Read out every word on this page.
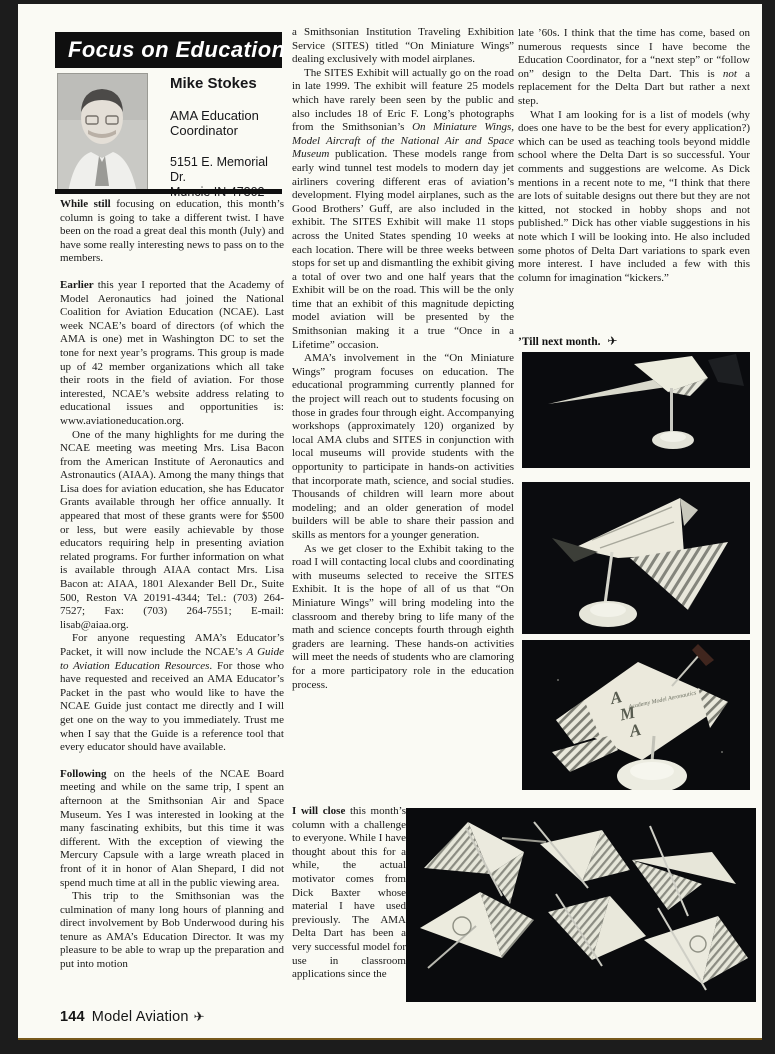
Focus on Education
Mike Stokes
AMA Education Coordinator
5151 E. Memorial Dr.

While still focusing on education, this month’s column is going to take a different twist. I have been on the road a great deal this month (July) and have some really interesting news to pass on to the members.

Earlier this year I reported that the Academy of Model Aeronautics had joined the National Coalition for Aviation Education (NCAE). Last week NCAE’s board of directors (of which the AMA is one) met in Washington DC to set the tone for next year’s programs. This group is made up of 42 member organizations which all take their roots in the field of aviation. For those interested, NCAE’s website address relating to educational issues and opportunities is: www.aviationeducation.org.

One of the many highlights for me during the NCAE meeting was meeting Mrs. Lisa Bacon from the American Institute of Aeronautics and Astronautics (AIAA). Among the many things that Lisa does for aviation education, she has Educator Grants available through her office annually. It appeared that most of these grants were for $500 or less, but were easily achievable by those educators requiring help in presenting aviation related programs. For further information on what is available through AIAA contact Mrs. Lisa Bacon at: AIAA, 1801 Alexander Bell Dr., Suite 500, Reston VA 20191-4344; Tel.: (703) 264-7527; Fax: (703) 264-7551; E-mail: lisab@aiaa.org.

For anyone requesting AMA’s Educator’s Packet, it will now include the NCAE’s A Guide to Aviation Education Resources. For those who have requested and received an AMA Educator’s Packet in the past who would like to have the NCAE Guide just contact me directly and I will get one on the way to you immediately. Trust me when I say that the Guide is a reference tool that every educator should have available.

Following on the heels of the NCAE Board meeting and while on the same trip, I spent an afternoon at the Smithsonian Air and Space Museum. Yes I was interested in looking at the many fascinating exhibits, but this time it was different. With the exception of viewing the Mercury Capsule with a large wreath placed in front of it in honor of Alan Shepard, I did not spend much time at all in the public viewing area.

This trip to the Smithsonian was the culmination of many long hours of planning and direct involvement by Bob Underwood during his tenure as AMA’s Education Director. It was my pleasure to be able to wrap up the preparation and put into motion

a Smithsonian Institution Traveling Exhibition Service (SITES) titled “On Miniature Wings” dealing exclusively with model airplanes.

The SITES Exhibit will actually go on the road in late 1999. The exhibit will feature 25 models which have rarely been seen by the public and also includes 18 of Eric F. Long’s photographs from the Smithsonian’s On Miniature Wings, Model Aircraft of the National Air and Space Museum publication. These models range from early wind tunnel test models to modern day jet airliners covering different eras of aviation’s development. Flying model airplanes, such as the Good Brothers’ Guff, are also included in the exhibit. The SITES Exhibit will make 11 stops across the United States spending 10 weeks at each location. There will be three weeks between stops for set up and dismantling the exhibit giving a total of over two and one half years that the Exhibit will be on the road. This will be the only time that an exhibit of this magnitude depicting model aviation will be presented by the Smithsonian making it a true “Once in a Lifetime” occasion.

AMA’s involvement in the “On Miniature Wings” program focuses on education. The educational programming currently planned for the project will reach out to students focusing on those in grades four through eight. Accompanying workshops (approximately 120) organized by local AMA clubs and SITES in conjunction with local museums will provide students with the opportunity to participate in hands-on activities that incorporate math, science, and social studies. Thousands of children will learn more about modeling; and an older generation of model builders will be able to share their passion and skills as mentors for a younger generation.

As we get closer to the Exhibit taking to the road I will contacting local clubs and coordinating with museums selected to receive the SITES Exhibit. It is the hope of all of us that “On Miniature Wings” will bring modeling into the classroom and thereby bring to life many of the math and science concepts fourth through eighth graders are learning. These hands-on activities will meet the needs of students who are clamoring for a more participatory role in the education process.

I will close this month’s column with a challenge to everyone. While I have thought about this for a while, the actual motivator comes from Dick Baxter whose material I have used previously. The AMA Delta Dart has been a very successful model for use in classroom applications since the

late ’60s. I think that the time has come, based on numerous requests since I have become the Education Coordinator, for a “next step” or “follow on” design to the Delta Dart. This is not a replacement for the Delta Dart but rather a next step.

What I am looking for is a list of models (why does one have to be the best for every application?) which can be used as teaching tools beyond middle school where the Delta Dart is so successful. Your comments and suggestions are welcome. As Dick mentions in a recent note to me, “I think that there are lots of suitable designs out there but they are not kitted, not stocked in hobby shops and not published.” Dick has other viable suggestions in his note which I will be looking into. He also included some photos of Delta Dart variations to spark even more interest. I have included a few with this column for imagination “kickers.”

’Till next month. ✈
A
M
A
Academy Model Aeronautics
144 Model Aviation ✈
